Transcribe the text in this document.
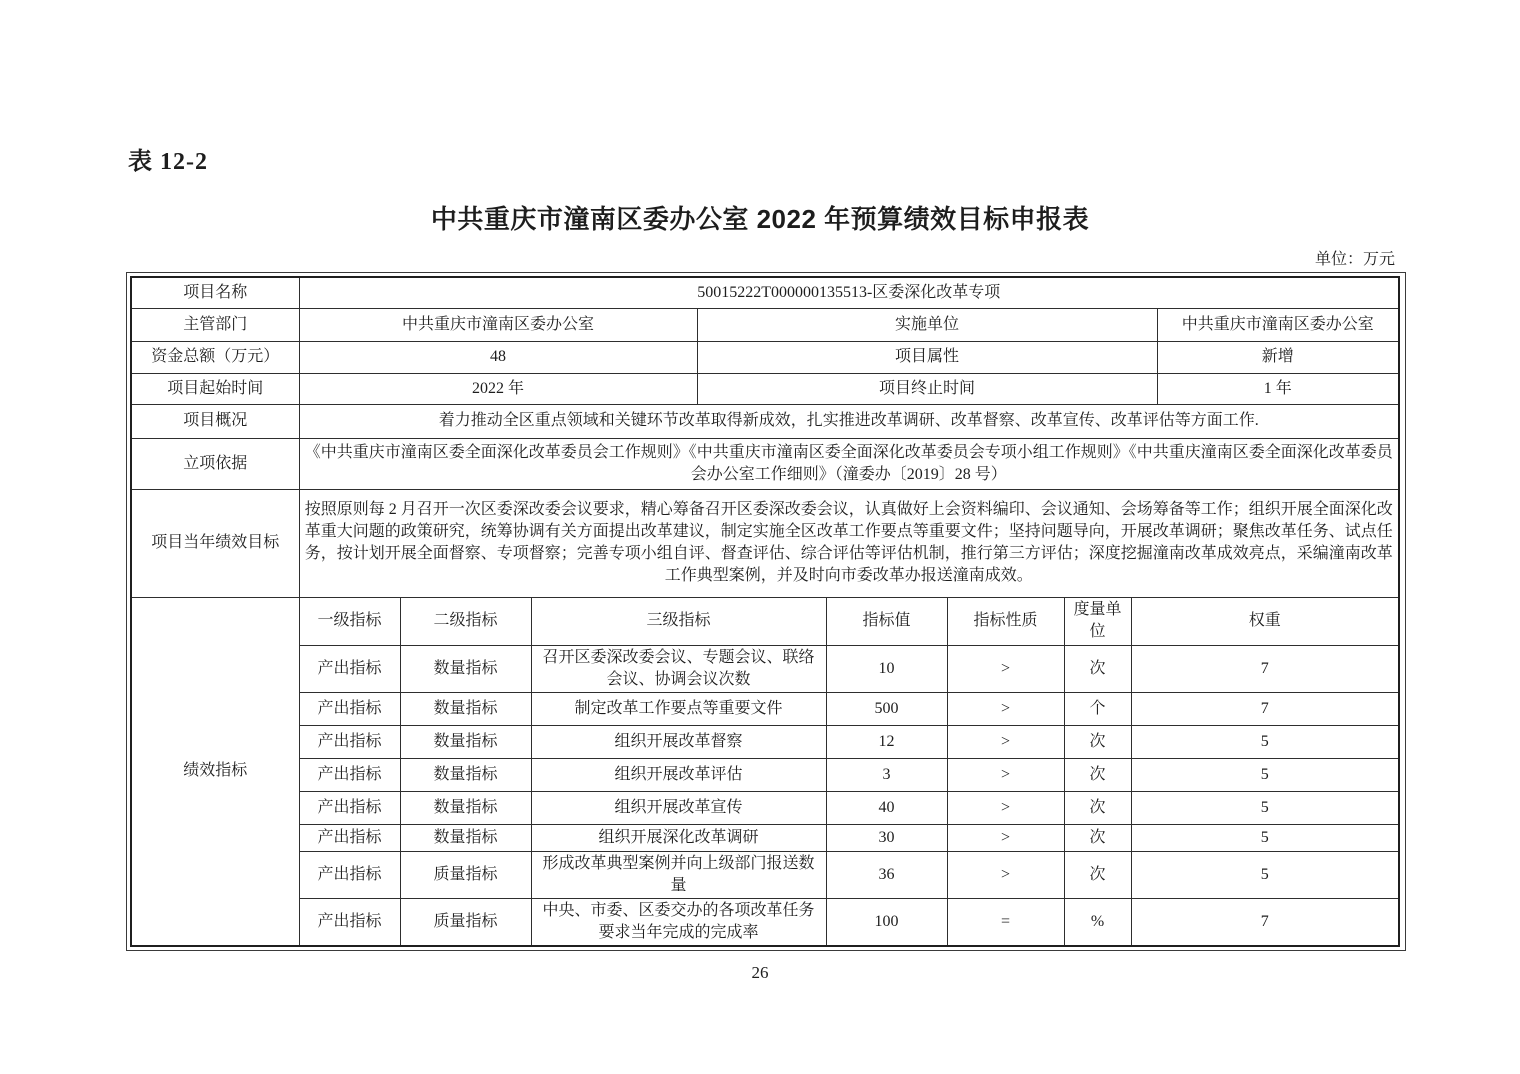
表 12-2
中共重庆市潼南区委办公室 2022 年预算绩效目标申报表
单位：万元
项目名称	50015222T000000135513-区委深化改革专项								
主管部门	中共重庆市潼南区委办公室			实施单位					中共重庆市潼南区委办公室
资金总额（万元）	48			项目属性					新增
项目起始时间	2022 年			项目终止时间					1 年
项目概况	着力推动全区重点领域和关键环节改革取得新成效，扎实推进改革调研、改革督察、改革宣传、改革评估等方面工作.								
立项依据	《中共重庆市潼南区委全面深化改革委员会工作规则》《中共重庆市潼南区委全面深化改革委员会专项小组工作规则》《中共重庆潼南区委全面深化改革委员会办公室工作细则》（潼委办〔2019〕28 号）								
项目当年绩效目标	按照原则每 2 月召开一次区委深改委会议要求，精心筹备召开区委深改委会议，认真做好上会资料编印、会议通知、会场筹备等工作；组织开展全面深化改革重大问题的政策研究，统筹协调有关方面提出改革建议，制定实施全区改革工作要点等重要文件；坚持问题导向，开展改革调研；聚焦改革任务、试点任务，按计划开展全面督察、专项督察；完善专项小组自评、督查评估、综合评估等评估机制，推行第三方评估；深度挖掘潼南改革成效亮点，采编潼南改革工作典型案例，并及时向市委改革办报送潼南成效。								
绩效指标	一级指标	二级指标	三级指标		指标值	指标性质	度量单位	权重	
	产出指标	数量指标	召开区委深改委会议、专题会议、联络会议、协调会议次数		10	>	次	7	
	产出指标	数量指标	制定改革工作要点等重要文件		500	>	个	7	
	产出指标	数量指标	组织开展改革督察		12	>	次	5	
	产出指标	数量指标	组织开展改革评估		3	>	次	5	
	产出指标	数量指标	组织开展改革宣传		40	>	次	5	
	产出指标	数量指标	组织开展深化改革调研		30	>	次	5	
	产出指标	质量指标	形成改革典型案例并向上级部门报送数量		36	>	次	5	
	产出指标	质量指标	中央、市委、区委交办的各项改革任务要求当年完成的完成率		100	=	%	7	
26
